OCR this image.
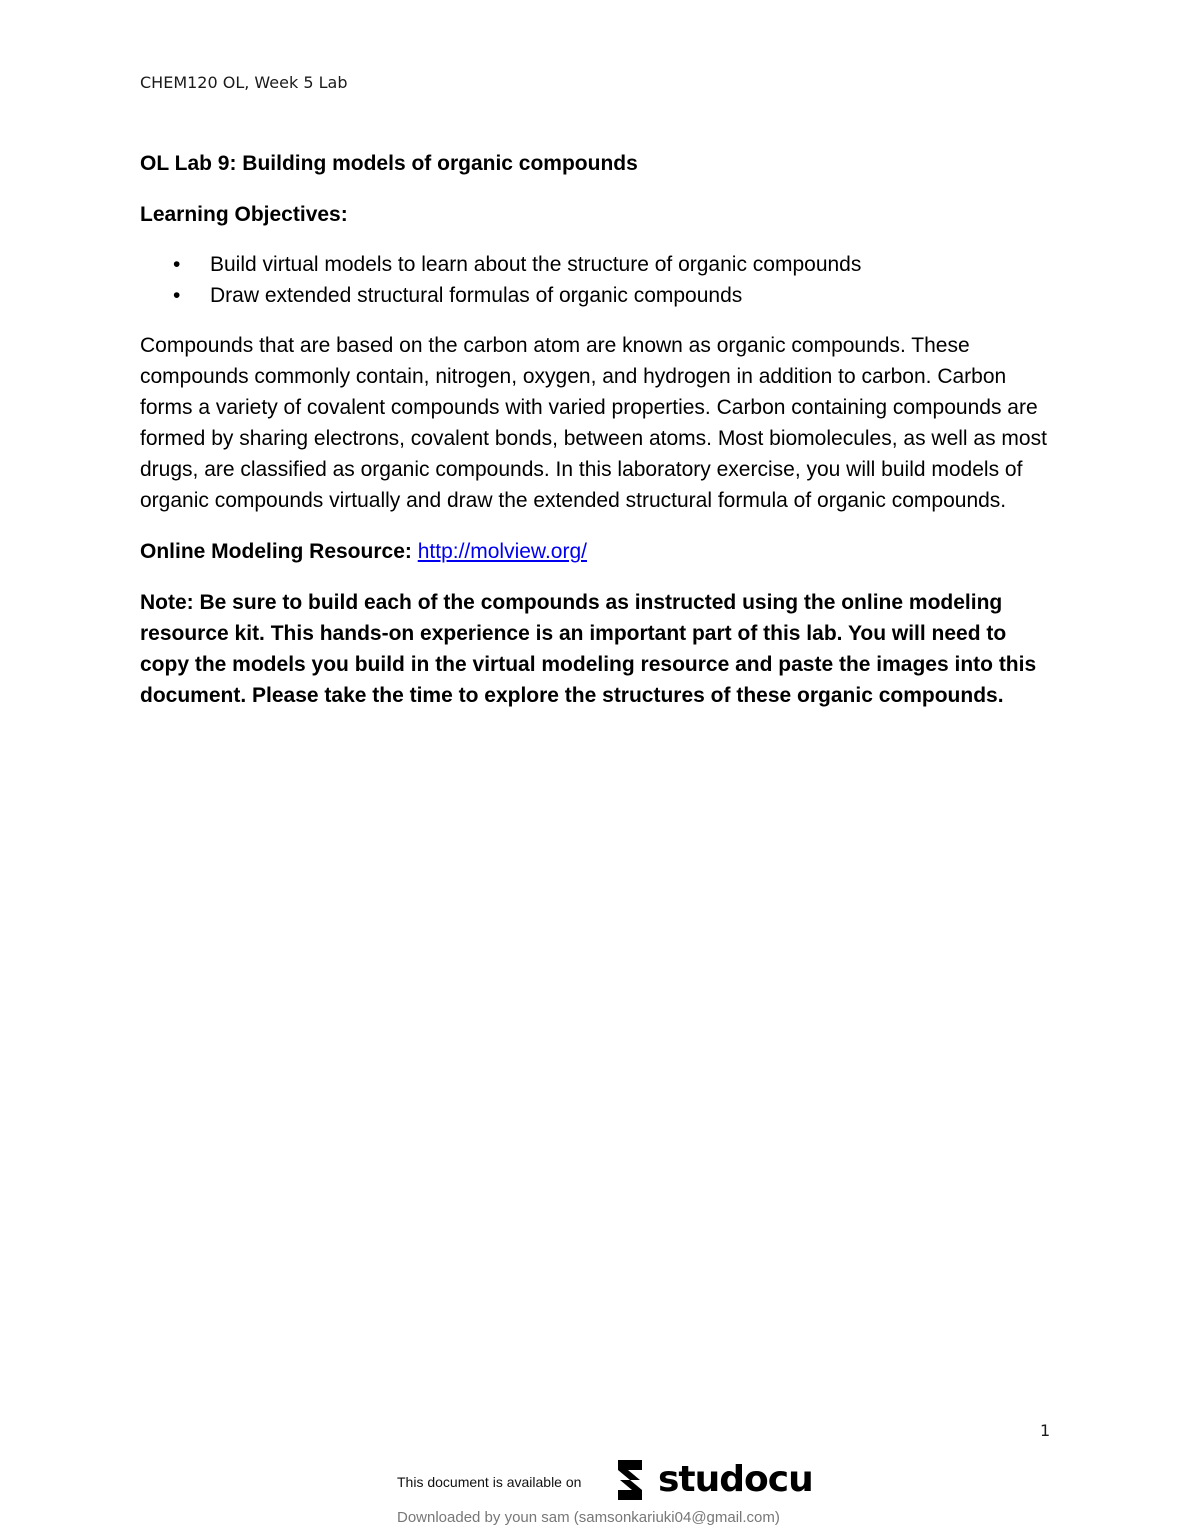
CHEM120 OL, Week 5 Lab

OL Lab 9: Building models of organic compounds

Learning Objectives:

• Build virtual models to learn about the structure of organic compounds
• Draw extended structural formulas of organic compounds

Compounds that are based on the carbon atom are known as organic compounds. These compounds commonly contain, nitrogen, oxygen, and hydrogen in addition to carbon. Carbon forms a variety of covalent compounds with varied properties. Carbon containing compounds are formed by sharing electrons, covalent bonds, between atoms. Most biomolecules, as well as most drugs, are classified as organic compounds. In this laboratory exercise, you will build models of organic compounds virtually and draw the extended structural formula of organic compounds.

Online Modeling Resource: http://molview.org/

Note: Be sure to build each of the compounds as instructed using the online modeling resource kit. This hands-on experience is an important part of this lab. You will need to copy the models you build in the virtual modeling resource and paste the images into this document. Please take the time to explore the structures of these organic compounds.

1
This document is available on studocu
Downloaded by youn sam (samsonkariuki04@gmail.com)
